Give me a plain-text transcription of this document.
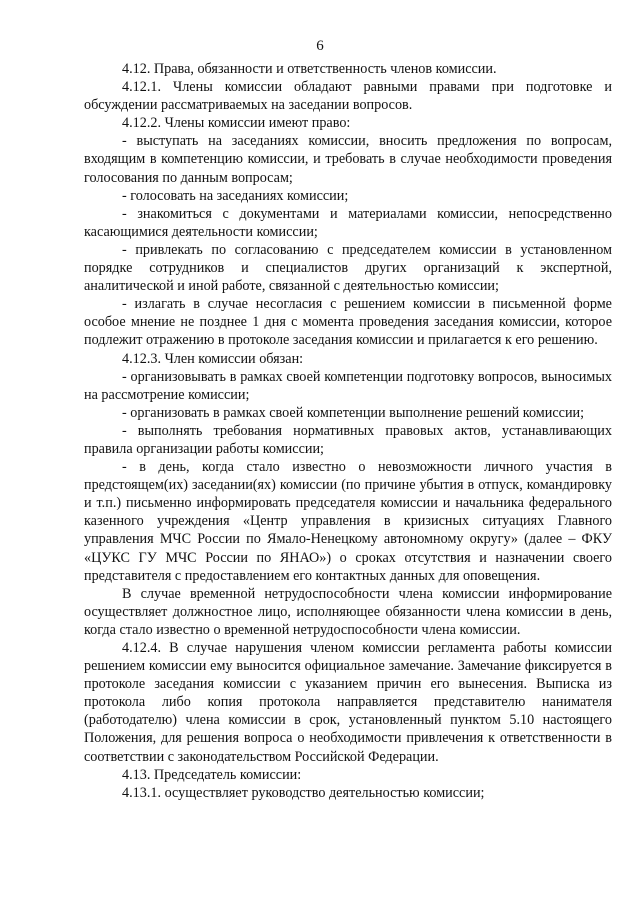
6

4.12. Права, обязанности и ответственность членов комиссии.

4.12.1. Члены комиссии обладают равными правами при подготовке и обсуждении рассматриваемых на заседании вопросов.

4.12.2. Члены комиссии имеют право:

- выступать на заседаниях комиссии, вносить предложения по вопросам, входящим в компетенцию комиссии, и требовать в случае необходимости проведения голосования по данным вопросам;

- голосовать на заседаниях комиссии;

- знакомиться с документами и материалами комиссии, непосредственно касающимися деятельности комиссии;

- привлекать по согласованию с председателем комиссии в установленном порядке сотрудников и специалистов других организаций к экспертной, аналитической и иной работе, связанной с деятельностью комиссии;

- излагать в случае несогласия с решением комиссии в письменной форме особое мнение не позднее 1 дня с момента проведения заседания комиссии, которое подлежит отражению в протоколе заседания комиссии и прилагается к его решению.

4.12.3. Член комиссии обязан:

- организовывать в рамках своей компетенции подготовку вопросов, выносимых на рассмотрение комиссии;

- организовать в рамках своей компетенции выполнение решений комиссии;

- выполнять требования нормативных правовых актов, устанавливающих правила организации работы комиссии;

- в день, когда стало известно о невозможности личного участия в предстоящем(их) заседании(ях) комиссии (по причине убытия в отпуск, командировку и т.п.) письменно информировать председателя комиссии и начальника федерального казенного учреждения «Центр управления в кризисных ситуациях Главного управления МЧС России по Ямало-Ненецкому автономному округу» (далее – ФКУ «ЦУКС ГУ МЧС России по ЯНАО») о сроках отсутствия и назначении своего представителя с предоставлением его контактных данных для оповещения.

В случае временной нетрудоспособности члена комиссии информирование осуществляет должностное лицо, исполняющее обязанности члена комиссии в день, когда стало известно о временной нетрудоспособности члена комиссии.

4.12.4. В случае нарушения членом комиссии регламента работы комиссии решением комиссии ему выносится официальное замечание. Замечание фиксируется в протоколе заседания комиссии с указанием причин его вынесения. Выписка из протокола либо копия протокола направляется представителю нанимателя (работодателю) члена комиссии в срок, установленный пунктом 5.10 настоящего Положения, для решения вопроса о необходимости привлечения к ответственности в соответствии с законодательством Российской Федерации.

4.13. Председатель комиссии:

4.13.1. осуществляет руководство деятельностью комиссии;
